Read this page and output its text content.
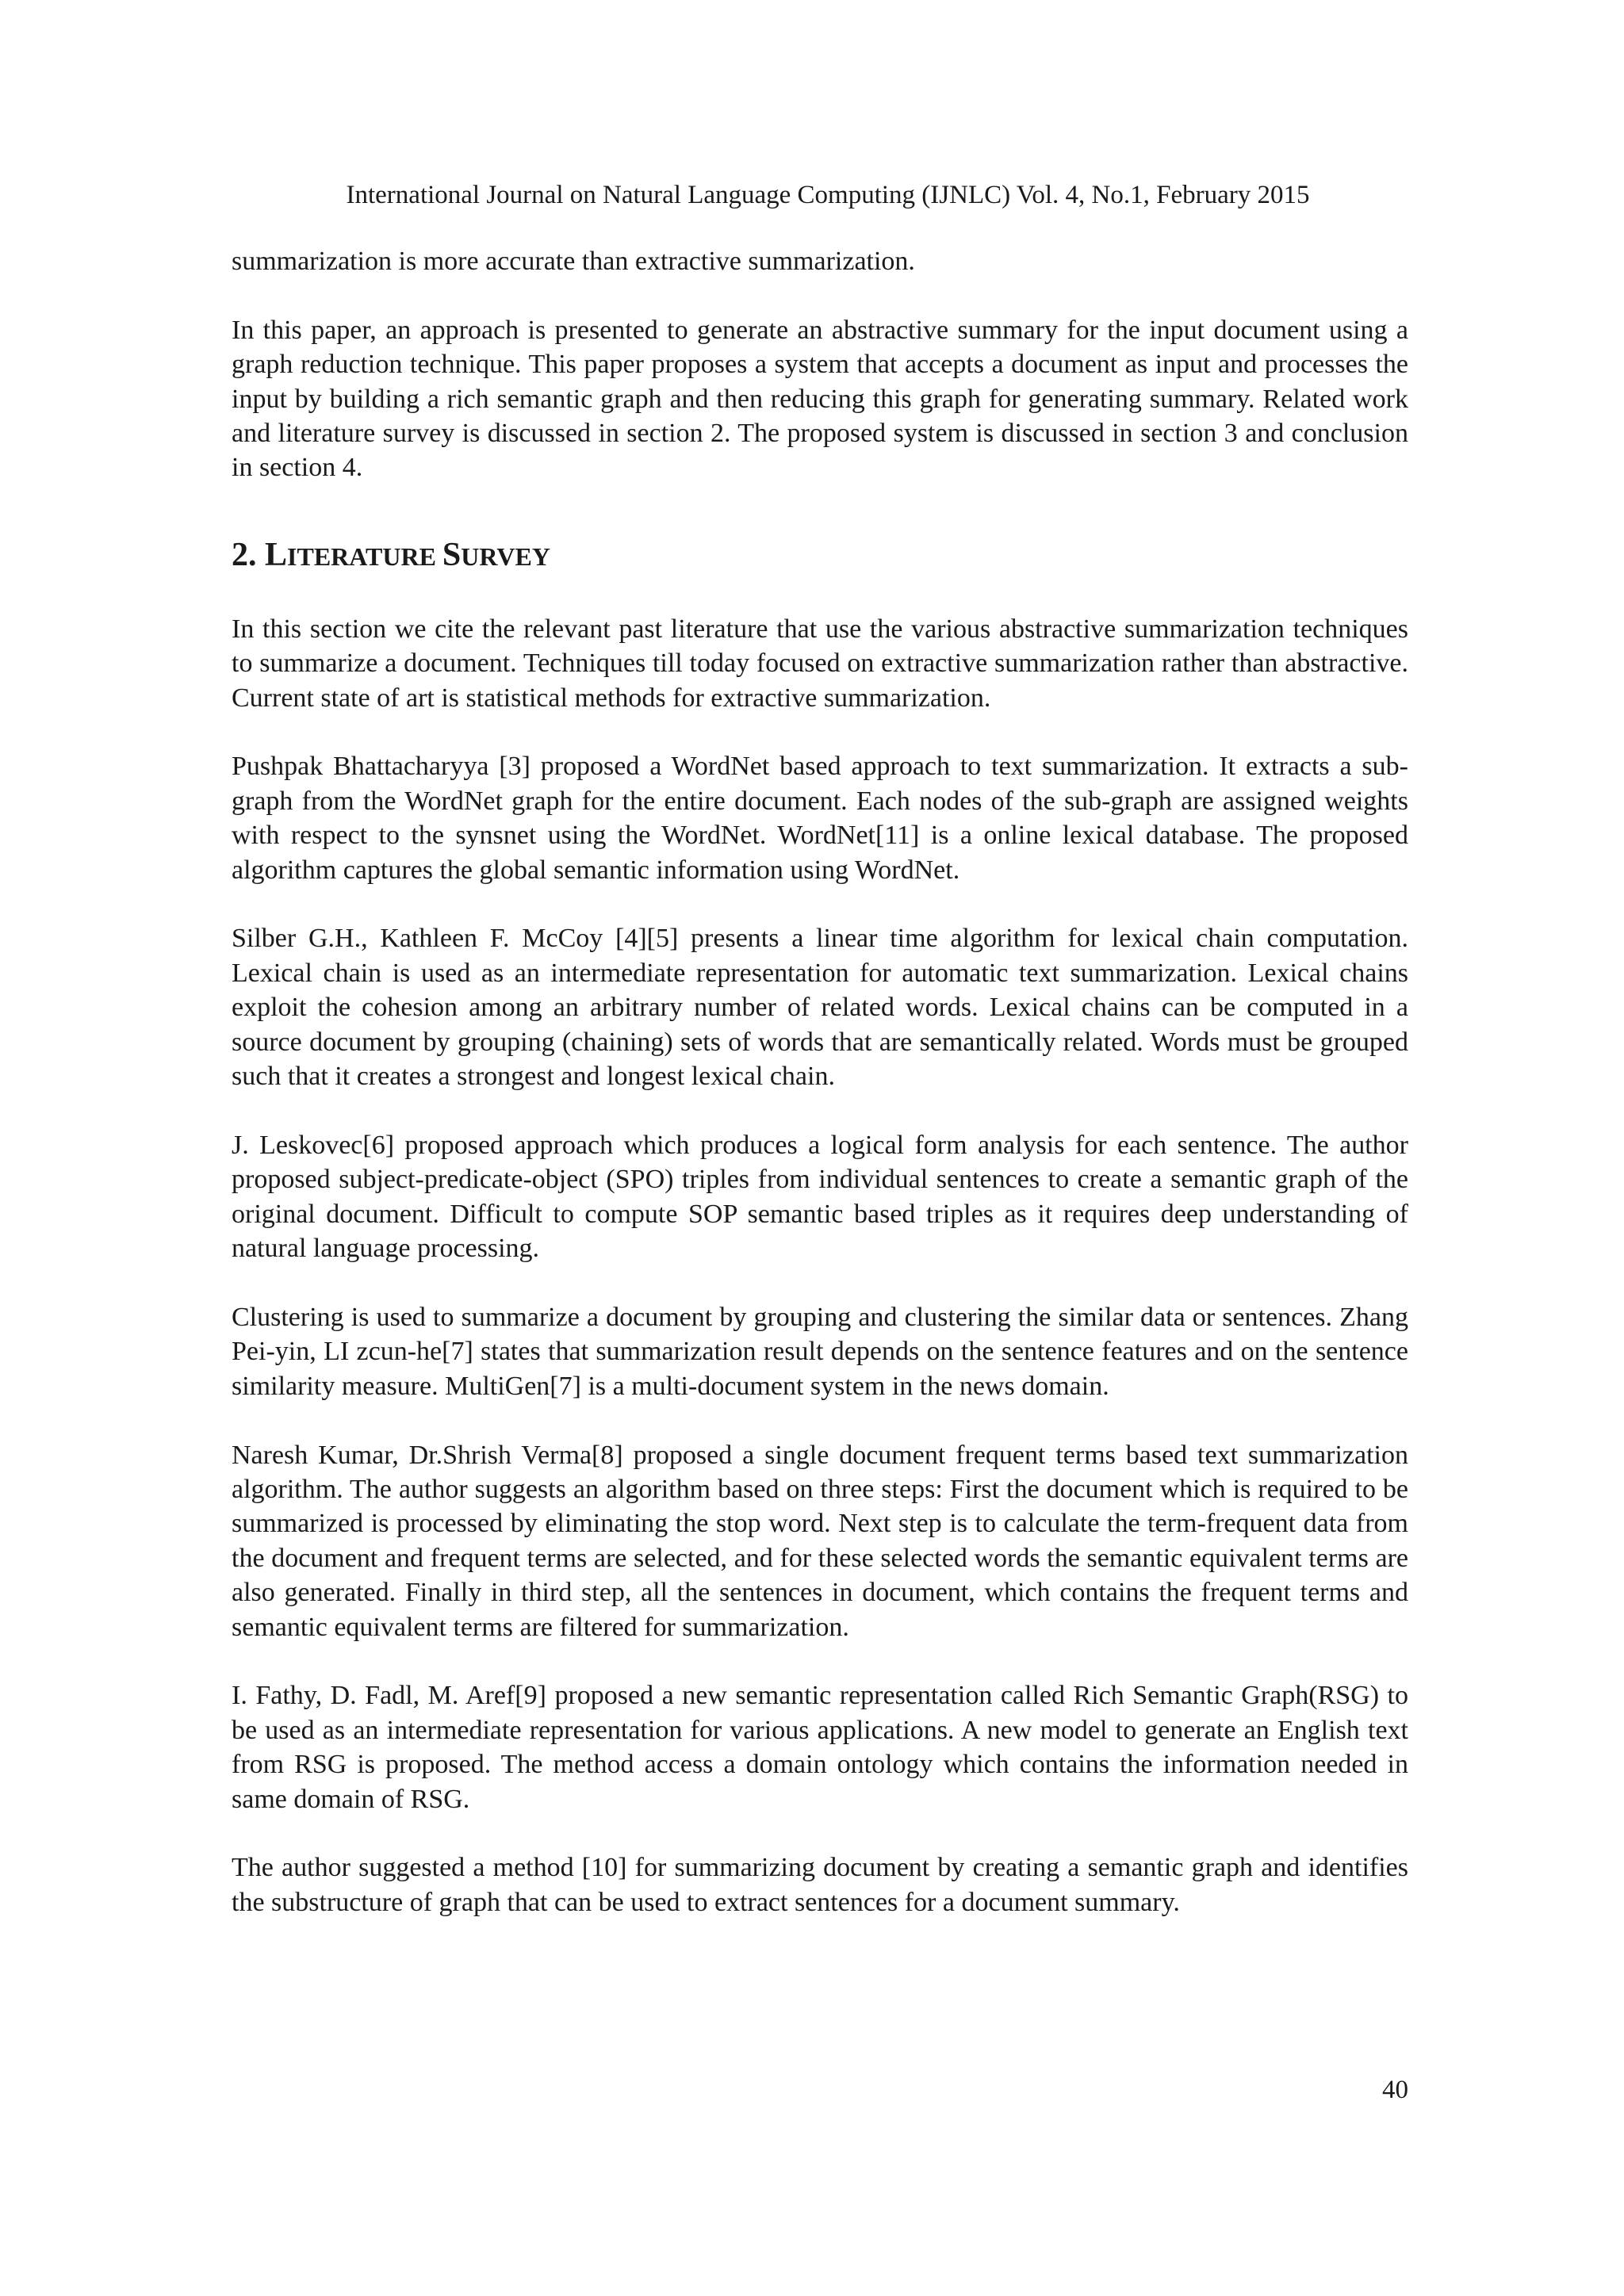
International Journal on Natural Language Computing (IJNLC) Vol. 4, No.1, February 2015

summarization is more accurate than extractive summarization.

In this paper, an approach is presented to generate an abstractive summary for the input document using a graph reduction technique. This paper proposes a system that accepts a document as input and processes the input by building a rich semantic graph and then reducing this graph for generating summary. Related work and literature survey is discussed in section 2. The proposed system is discussed in section 3 and conclusion in section 4.

2. LITERATURE SURVEY

In this section we cite the relevant past literature that use the various abstractive summarization techniques to summarize a document. Techniques till today focused on extractive summarization rather than abstractive. Current state of art is statistical methods for extractive summarization.

Pushpak Bhattacharyya [3] proposed a WordNet based approach to text summarization. It extracts a sub-graph from the WordNet graph for the entire document. Each nodes of the sub-graph are assigned weights with respect to the synsnet using the WordNet. WordNet[11] is a online lexical database. The proposed algorithm captures the global semantic information using WordNet.

Silber G.H., Kathleen F. McCoy [4][5] presents a linear time algorithm for lexical chain computation. Lexical chain is used as an intermediate representation for automatic text summarization. Lexical chains exploit the cohesion among an arbitrary number of related words. Lexical chains can be computed in a source document by grouping (chaining) sets of words that are semantically related. Words must be grouped such that it creates a strongest and longest lexical chain.

J. Leskovec[6] proposed approach which produces a logical form analysis for each sentence. The author proposed subject-predicate-object (SPO) triples from individual sentences to create a semantic graph of the original document. Difficult to compute SOP semantic based triples as it requires deep understanding of natural language processing.

Clustering is used to summarize a document by grouping and clustering the similar data or sentences. Zhang Pei-yin, LI zcun-he[7] states that summarization result depends on the sentence features and on the sentence similarity measure. MultiGen[7] is a multi-document system in the news domain.

Naresh Kumar, Dr.Shrish Verma[8] proposed a single document frequent terms based text summarization algorithm. The author suggests an algorithm based on three steps: First the document which is required to be summarized is processed by eliminating the stop word. Next step is to calculate the term-frequent data from the document and frequent terms are selected, and for these selected words the semantic equivalent terms are also generated. Finally in third step, all the sentences in document, which contains the frequent terms and semantic equivalent terms are filtered for summarization.

I. Fathy, D. Fadl, M. Aref[9] proposed a new semantic representation called Rich Semantic Graph(RSG) to be used as an intermediate representation for various applications. A new model to generate an English text from RSG is proposed. The method access a domain ontology which contains the information needed in same domain of RSG.

The author suggested a method [10] for summarizing document by creating a semantic graph and identifies the substructure of graph that can be used to extract sentences for a document summary.

40
